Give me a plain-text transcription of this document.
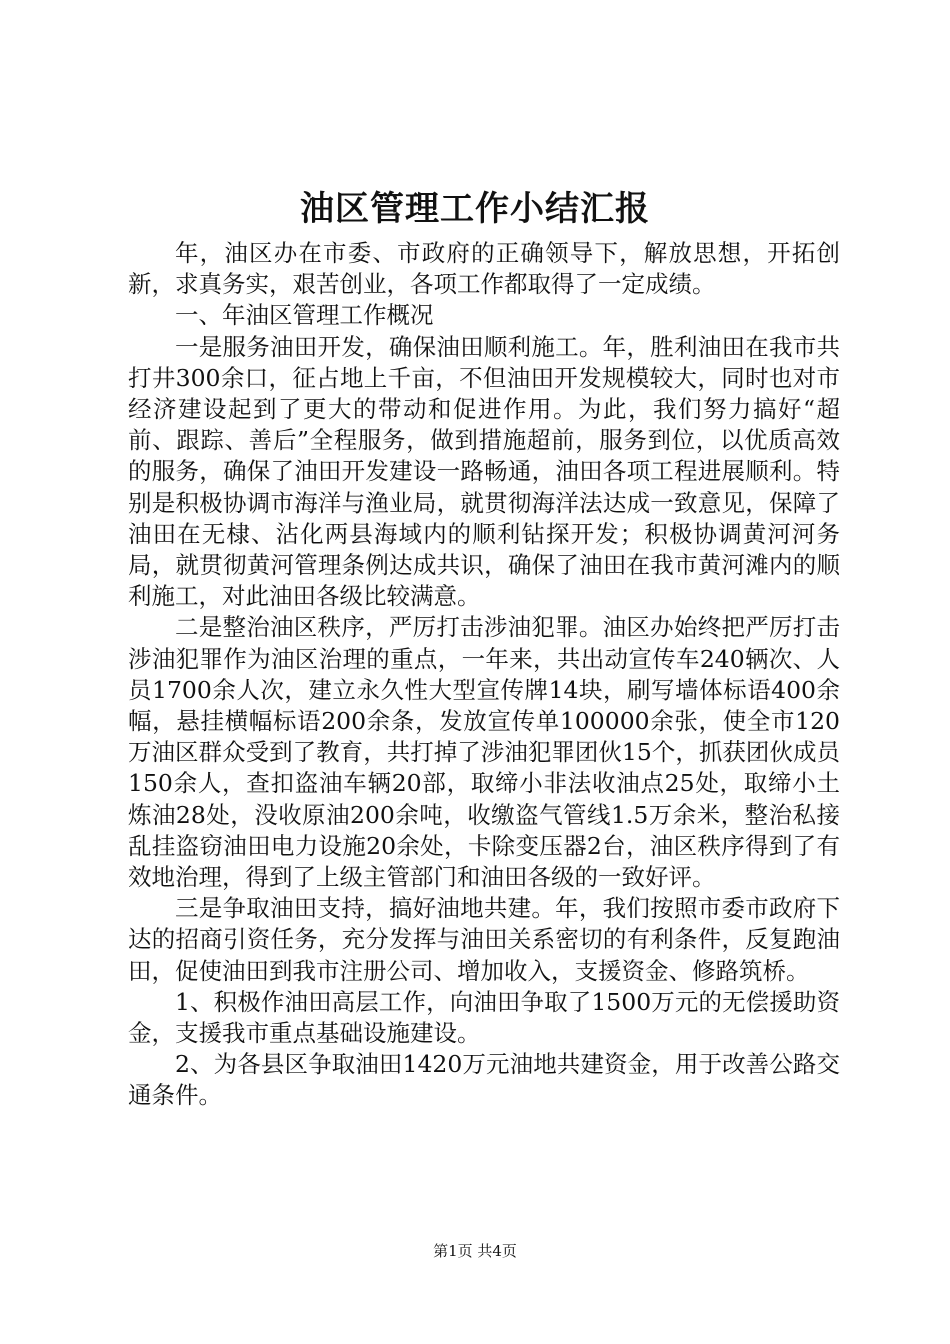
油区管理工作小结汇报

年，油区办在市委、市政府的正确领导下，解放思想，开拓创新，求真务实，艰苦创业，各项工作都取得了一定成绩。

一、年油区管理工作概况

一是服务油田开发，确保油田顺利施工。年，胜利油田在我市共打井300余口，征占地上千亩，不但油田开发规模较大，同时也对市经济建设起到了更大的带动和促进作用。为此，我们努力搞好“超前、跟踪、善后”全程服务，做到措施超前，服务到位，以优质高效的服务，确保了油田开发建设一路畅通，油田各项工程进展顺利。特别是积极协调市海洋与渔业局，就贯彻海洋法达成一致意见，保障了油田在无棣、沾化两县海域内的顺利钻探开发；积极协调黄河河务局，就贯彻黄河管理条例达成共识，确保了油田在我市黄河滩内的顺利施工，对此油田各级比较满意。

二是整治油区秩序，严厉打击涉油犯罪。油区办始终把严厉打击涉油犯罪作为油区治理的重点，一年来，共出动宣传车240辆次、人员1700余人次，建立永久性大型宣传牌14块，刷写墙体标语400余幅，悬挂横幅标语200余条，发放宣传单100000余张，使全市120万油区群众受到了教育，共打掉了涉油犯罪团伙15个，抓获团伙成员150余人，查扣盗油车辆20部，取缔小非法收油点25处，取缔小土炼油28处，没收原油200余吨，收缴盗气管线1.5万余米，整治私接乱挂盗窃油田电力设施20余处，卡除变压器2台，油区秩序得到了有效地治理，得到了上级主管部门和油田各级的一致好评。

三是争取油田支持，搞好油地共建。年，我们按照市委市政府下达的招商引资任务，充分发挥与油田关系密切的有利条件，反复跑油田，促使油田到我市注册公司、增加收入，支援资金、修路筑桥。

1、积极作油田高层工作，向油田争取了1500万元的无偿援助资金，支援我市重点基础设施建设。

2、为各县区争取油田1420万元油地共建资金，用于改善公路交通条件。

第1页 共4页
